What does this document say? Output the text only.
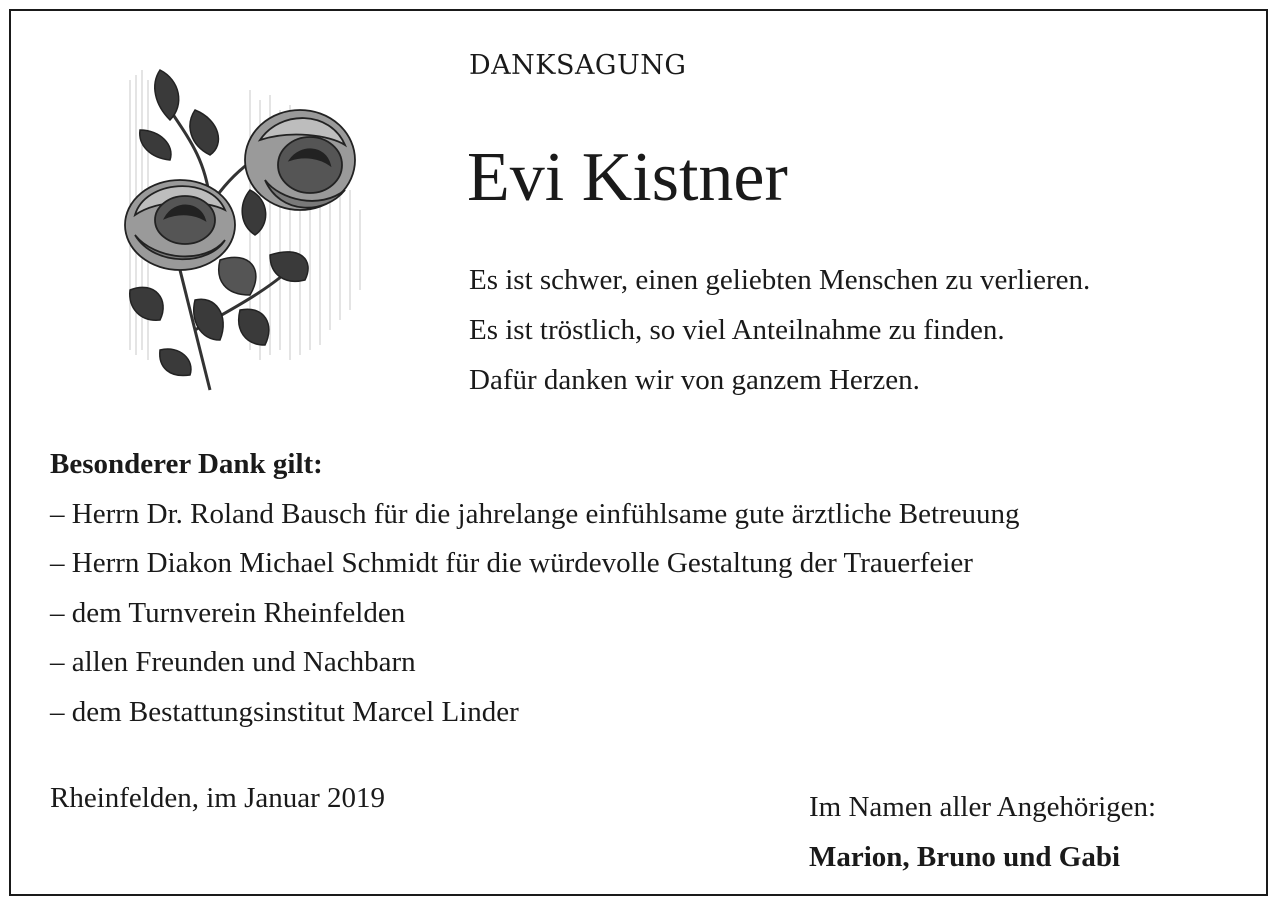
DANKSAGUNG
Evi Kistner
Es ist schwer, einen geliebten Menschen zu verlieren.
Es ist tröstlich, so viel Anteilnahme zu finden.
Dafür danken wir von ganzem Herzen.
Besonderer Dank gilt:
– Herrn Dr. Roland Bausch für die jahrelange einfühlsame gute ärztliche Betreuung
– Herrn Diakon Michael Schmidt für die würdevolle Gestaltung der Trauerfeier
– dem Turnverein Rheinfelden
– allen Freunden und Nachbarn
– dem Bestattungsinstitut Marcel Linder
Rheinfelden, im Januar 2019	Im Namen aller Angehörigen:
Marion, Bruno und Gabi
